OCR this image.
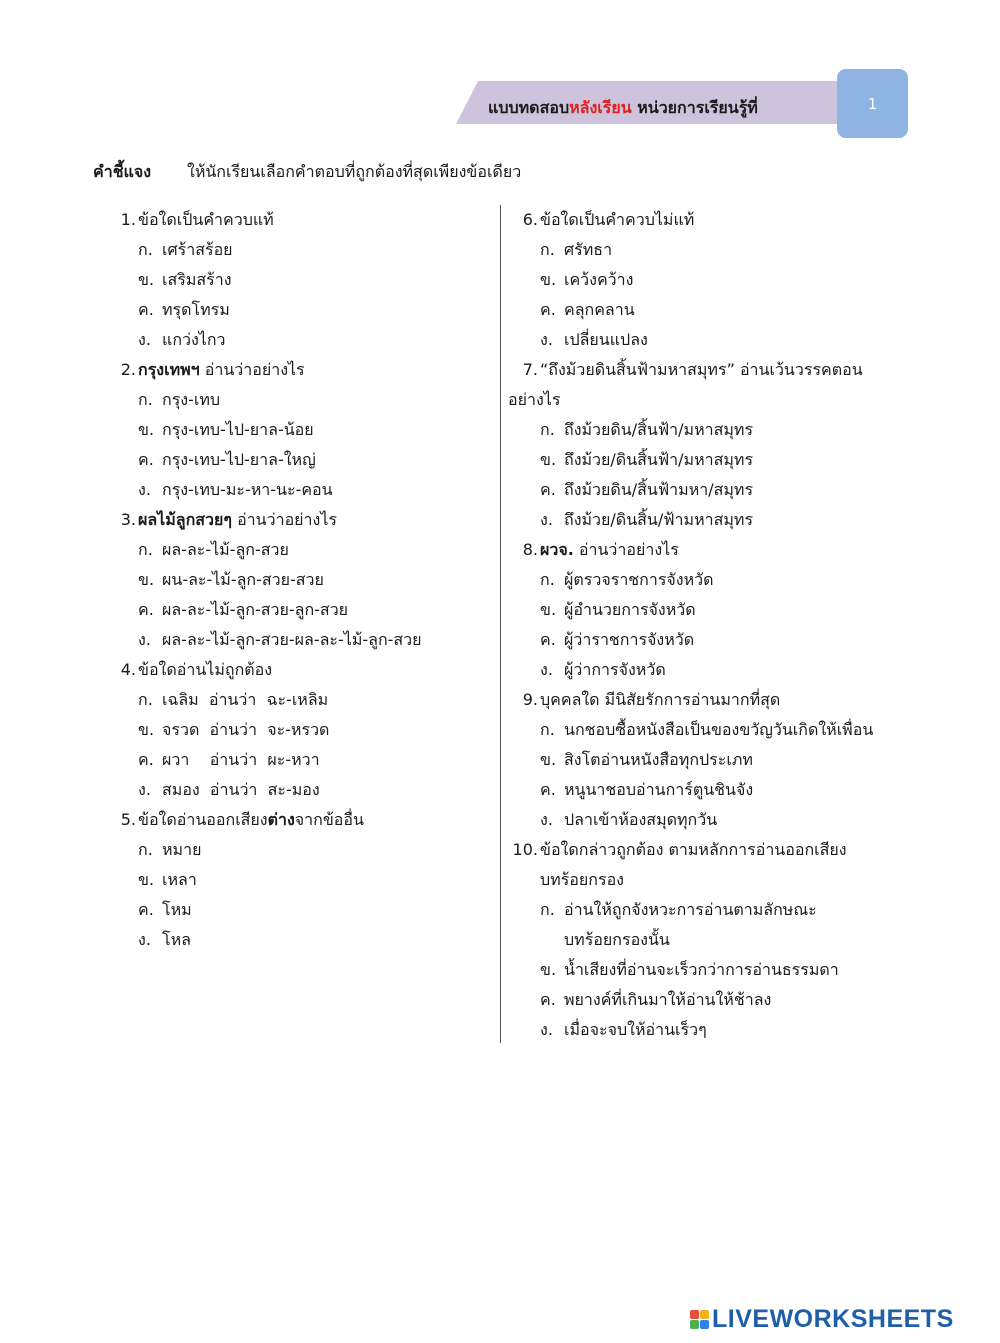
แบบทดสอบหลังเรียน หน่วยการเรียนรู้ที่	1
คำชี้แจง ให้นักเรียนเลือกคำตอบที่ถูกต้องที่สุดเพียงข้อเดียว
1. ข้อใดเป็นคำควบแท้
ก. เศร้าสร้อย
ข. เสริมสร้าง
ค. ทรุดโทรม
ง. แกว่งไกว
2. กรุงเทพฯ อ่านว่าอย่างไร
ก. กรุง-เทบ
ข. กรุง-เทบ-ไป-ยาล-น้อย
ค. กรุง-เทบ-ไป-ยาล-ใหญ่
ง. กรุง-เทบ-มะ-หา-นะ-คอน
3. ผลไม้ลูกสวยๆ อ่านว่าอย่างไร
ก. ผล-ละ-ไม้-ลูก-สวย
ข. ผน-ละ-ไม้-ลูก-สวย-สวย
ค. ผล-ละ-ไม้-ลูก-สวย-ลูก-สวย
ง. ผล-ละ-ไม้-ลูก-สวย-ผล-ละ-ไม้-ลูก-สวย
4. ข้อใดอ่านไม่ถูกต้อง
ก. เฉลิม  อ่านว่า  ฉะ-เหลิม
ข. จรวด  อ่านว่า  จะ-หรวด
ค. ผวา    อ่านว่า  ผะ-หวา
ง. สมอง  อ่านว่า  สะ-มอง
5. ข้อใดอ่านออกเสียงต่างจากข้ออื่น
ก. หมาย
ข. เหลา
ค. โหม
ง. โหล
6. ข้อใดเป็นคำควบไม่แท้
ก. ศรัทธา
ข. เคว้งคว้าง
ค. คลุกคลาน
ง. เปลี่ยนแปลง
7. “ถึงม้วยดินสิ้นฟ้ามหาสมุทร” อ่านเว้นวรรคตอน
อย่างไร
ก. ถึงม้วยดิน/สิ้นฟ้า/มหาสมุทร
ข. ถึงม้วย/ดินสิ้นฟ้า/มหาสมุทร
ค. ถึงม้วยดิน/สิ้นฟ้ามหา/สมุทร
ง. ถึงม้วย/ดินสิ้น/ฟ้ามหาสมุทร
8. ผวจ. อ่านว่าอย่างไร
ก. ผู้ตรวจราชการจังหวัด
ข. ผู้อำนวยการจังหวัด
ค. ผู้ว่าราชการจังหวัด
ง. ผู้ว่าการจังหวัด
9. บุคคลใด มีนิสัยรักการอ่านมากที่สุด
ก. นกชอบซื้อหนังสือเป็นของขวัญวันเกิดให้เพื่อน
ข. สิงโตอ่านหนังสือทุกประเภท
ค. หนูนาชอบอ่านการ์ตูนชินจัง
ง. ปลาเข้าห้องสมุดทุกวัน
10. ข้อใดกล่าวถูกต้อง ตามหลักการอ่านออกเสียง
บทร้อยกรอง
ก. อ่านให้ถูกจังหวะการอ่านตามลักษณะ
บทร้อยกรองนั้น
ข. น้ำเสียงที่อ่านจะเร็วกว่าการอ่านธรรมดา
ค. พยางค์ที่เกินมาให้อ่านให้ช้าลง
ง. เมื่อจะจบให้อ่านเร็วๆ
LIVEWORKSHEETS
